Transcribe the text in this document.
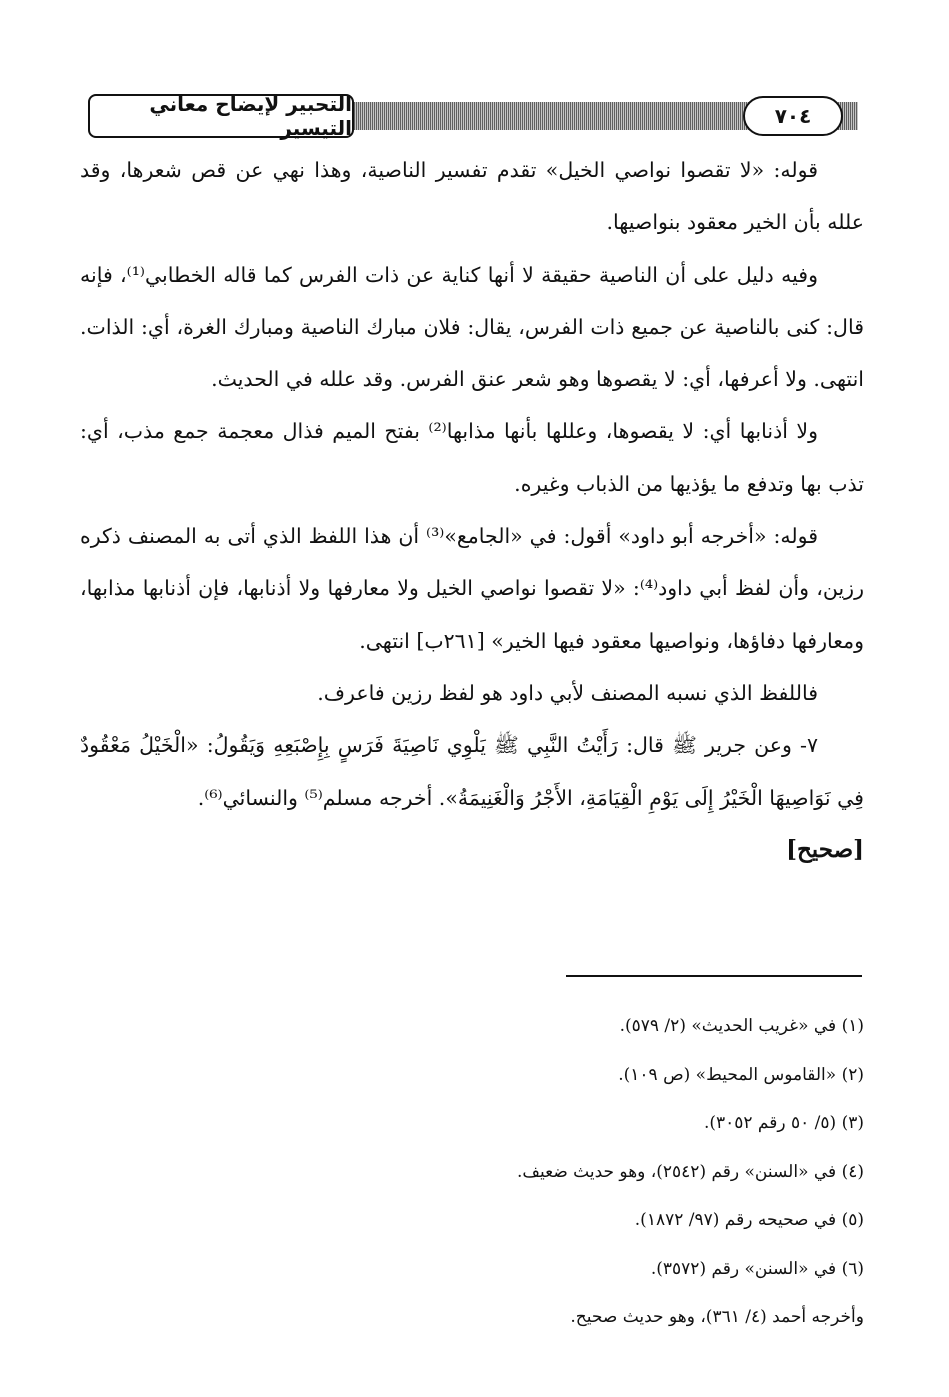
التحبير لإيضاح معاني التيسير	٧٠٤

قوله: «لا تقصوا نواصي الخيل» تقدم تفسير الناصية، وهذا نهي عن قص شعرها، وقد علله بأن الخير معقود بنواصيها.

وفيه دليل على أن الناصية حقيقة لا أنها كناية عن ذات الفرس كما قاله الخطابي⁽¹⁾، فإنه قال: كنى بالناصية عن جميع ذات الفرس، يقال: فلان مبارك الناصية ومبارك الغرة، أي: الذات. انتهى. ولا أعرفها، أي: لا يقصوها وهو شعر عنق الفرس. وقد علله في الحديث.

ولا أذنابها أي: لا يقصوها، وعللها بأنها مذابها⁽²⁾ بفتح الميم فذال معجمة جمع مذب، أي: تذب بها وتدفع ما يؤذيها من الذباب وغيره.

قوله: «أخرجه أبو داود» أقول: في «الجامع»⁽³⁾ أن هذا اللفظ الذي أتى به المصنف ذكره رزين، وأن لفظ أبي داود⁽⁴⁾: «لا تقصوا نواصي الخيل ولا معارفها ولا أذنابها، فإن أذنابها مذابها، ومعارفها دفاؤها، ونواصيها معقود فيها الخير» [٢٦١ب] انتهى.

فاللفظ الذي نسبه المصنف لأبي داود هو لفظ رزين فاعرف.

٧- وعن جرير ﷺ قال: رَأَيْتُ النَّبِي ﷺ يَلْوِي نَاصِيَةَ فَرَسٍ بِإِصْبَعِهِ وَيَقُولُ: «الْخَيْلُ مَعْقُودٌ فِي نَوَاصِيهَا الْخَيْرُ إِلَى يَوْمِ الْقِيَامَةِ، الأَجْرُ وَالْغَنِيمَةُ». أخرجه مسلم⁽⁵⁾ والنسائي⁽⁶⁾.

[صحيح]

(١) في «غريب الحديث» (٢/ ٥٧٩).

(٢) «القاموس المحيط» (ص ١٠٩).

(٣) (٥/ ٥٠ رقم ٣٠٥٢).

(٤) في «السنن» رقم (٢٥٤٢)، وهو حديث ضعيف.

(٥) في صحيحه رقم (٩٧/ ١٨٧٢).

(٦) في «السنن» رقم (٣٥٧٢).

وأخرجه أحمد (٤/ ٣٦١)، وهو حديث صحيح.
